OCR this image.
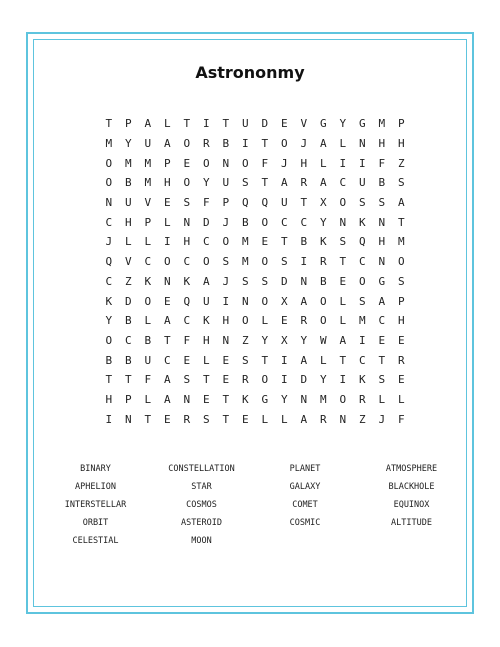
Astrononmy
T	P	A	L	T	I	T	U	D	E	V	G	Y	G	M	P
M	Y	U	A	O	R	B	I	T	O	J	A	L	N	H	H
O	M	M	P	E	O	N	O	F	J	H	L	I	I	F	Z
O	B	M	H	O	Y	U	S	T	A	R	A	C	U	B	S
N	U	V	E	S	F	P	Q	Q	U	T	X	O	S	S	A
C	H	P	L	N	D	J	B	O	C	C	Y	N	K	N	T
J	L	L	I	H	C	O	M	E	T	B	K	S	Q	H	M
Q	V	C	O	C	O	S	M	O	S	I	R	T	C	N	O
C	Z	K	N	K	A	J	S	S	D	N	B	E	O	G	S
K	D	O	E	Q	U	I	N	O	X	A	O	L	S	A	P
Y	B	L	A	C	K	H	O	L	E	R	O	L	M	C	H
O	C	B	T	F	H	N	Z	Y	X	Y	W	A	I	E	E
B	B	U	C	E	L	E	S	T	I	A	L	T	C	T	R
T	T	F	A	S	T	E	R	O	I	D	Y	I	K	S	E
H	P	L	A	N	E	T	K	G	Y	N	M	O	R	L	L
I	N	T	E	R	S	T	E	L	L	A	R	N	Z	J	F
BINARY	CONSTELLATION	PLANET	ATMOSPHERE
APHELION	STAR	GALAXY	BLACKHOLE
INTERSTELLAR	COSMOS	COMET	EQUINOX
ORBIT	ASTEROID	COSMIC	ALTITUDE
CELESTIAL	MOON
